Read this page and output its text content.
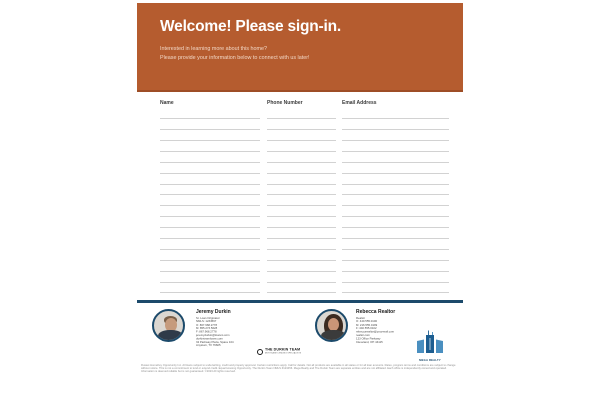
Welcome! Please sign-in.
Interested in learning more about this home?
Please provide your information below to connect with us later!
Name	Phone Number	Email Address
Jeremy Durkin
Sr. Loan Originator
NMLS: 1234567
O: 867.968.2778
M: 855.273.5628
F: 867.968.2778
jeremydurkin@loanco.com
durkinteamloans.com
32 Parkway Plaza, Space 104
Anytown, TX 76605
THE DURKIN TEAM
MORTGAGE LENDING SPECIALISTS
Rebecca Realtor
Realtor
O: 440.555.0100
M: 216.555.0199
F: 440.555.0102
rebeccarealtor@yoozmail.com
realtor.com
123 Office Parkway
Cleveland, OH 44115
MEGA REALTY
Russet HomeKey Opportunity Inc. All loans subject to underwriting, credit and property approval. Certain restrictions apply. Call for details. Not all products are available in all states or for all loan amounts. Rates, program terms and conditions are subject to change without notice. This is not a commitment to lend or extend credit. Equal Housing Opportunity. The Durkin Team NMLS #123456. Mega Realty and The Durkin Team are separate entities and are not affiliated. Each office is independently owned and operated. Information is deemed reliable but is not guaranteed. ©2023 All rights reserved.
